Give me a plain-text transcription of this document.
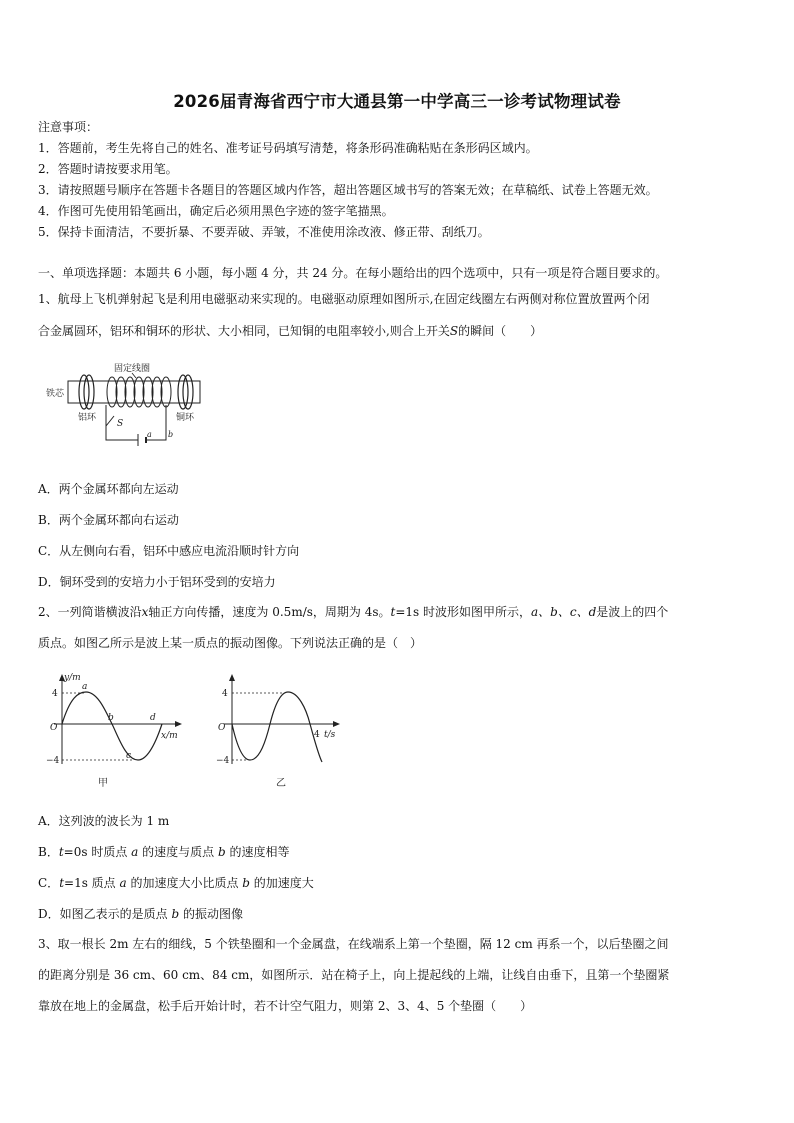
2026届青海省西宁市大通县第一中学高三一诊考试物理试卷
注意事项：
1．答题前，考生先将自己的姓名、准考证号码填写清楚，将条形码准确粘贴在条形码区域内。
2．答题时请按要求用笔。
3．请按照题号顺序在答题卡各题目的答题区域内作答，超出答题区域书写的答案无效；在草稿纸、试卷上答题无效。
4．作图可先使用铅笔画出，确定后必须用黑色字迹的签字笔描黑。
5．保持卡面清洁，不要折暴、不要弄破、弄皱，不准使用涂改液、修正带、刮纸刀。
一、单项选择题：本题共 6 小题，每小题 4 分，共 24 分。在每小题给出的四个选项中，只有一项是符合题目要求的。
1、航母上飞机弹射起飞是利用电磁驱动来实现的。电磁驱动原理如图所示,在固定线圈左右两侧对称位置放置两个闭
合金属圆环，铝环和铜环的形状、大小相同，已知铜的电阻率较小,则合上开关S的瞬间（　　）
固定线圈
铁芯
铝环	铜环
S
a b
A．两个金属环都向左运动
B．两个金属环都向右运动
C．从左侧向右看，铝环中感应电流沿顺时针方向
D．铜环受到的安培力小于铝环受到的安培力
2、一列简谐横波沿x轴正方向传播，速度为 0.5m/s，周期为 4s。t=1s 时波形如图甲所示，a、b、c、d是波上的四个
质点。如图乙所示是波上某一质点的振动图像。下列说法正确的是（　）
y/m
4
−4
O
x/m
a
b
c
d
甲
4
−4
O
4 t/s
乙
A．这列波的波长为 1 m
B．t=0s 时质点 a 的速度与质点 b 的速度相等
C．t=1s 质点 a 的加速度大小比质点 b 的加速度大
D．如图乙表示的是质点 b 的振动图像
3、取一根长 2m 左右的细线，5 个铁垫圈和一个金属盘，在线端系上第一个垫圈，隔 12 cm 再系一个，以后垫圈之间
的距离分别是 36 cm、60 cm、84 cm，如图所示．站在椅子上，向上提起线的上端，让线自由垂下，且第一个垫圈紧
靠放在地上的金属盘，松手后开始计时，若不计空气阻力，则第 2、3、4、5 个垫圈（　　）
